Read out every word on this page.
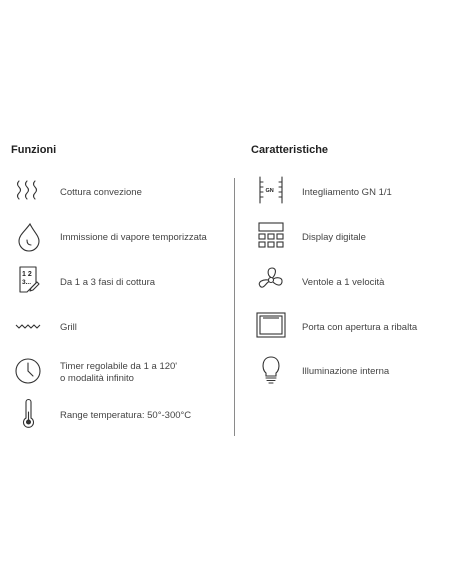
Funzioni
Cottura convezione
Immissione di vapore temporizzata
1 2
3...	Da 1 a 3 fasi di cottura
Grill
Timer regolabile da 1 a 120'
o modalità infinito
Range temperatura: 50°-300°C
Caratteristiche
GN	Integliamento GN 1/1
Display digitale
Ventole a 1 velocità
Porta con apertura a ribalta
Illuminazione interna
